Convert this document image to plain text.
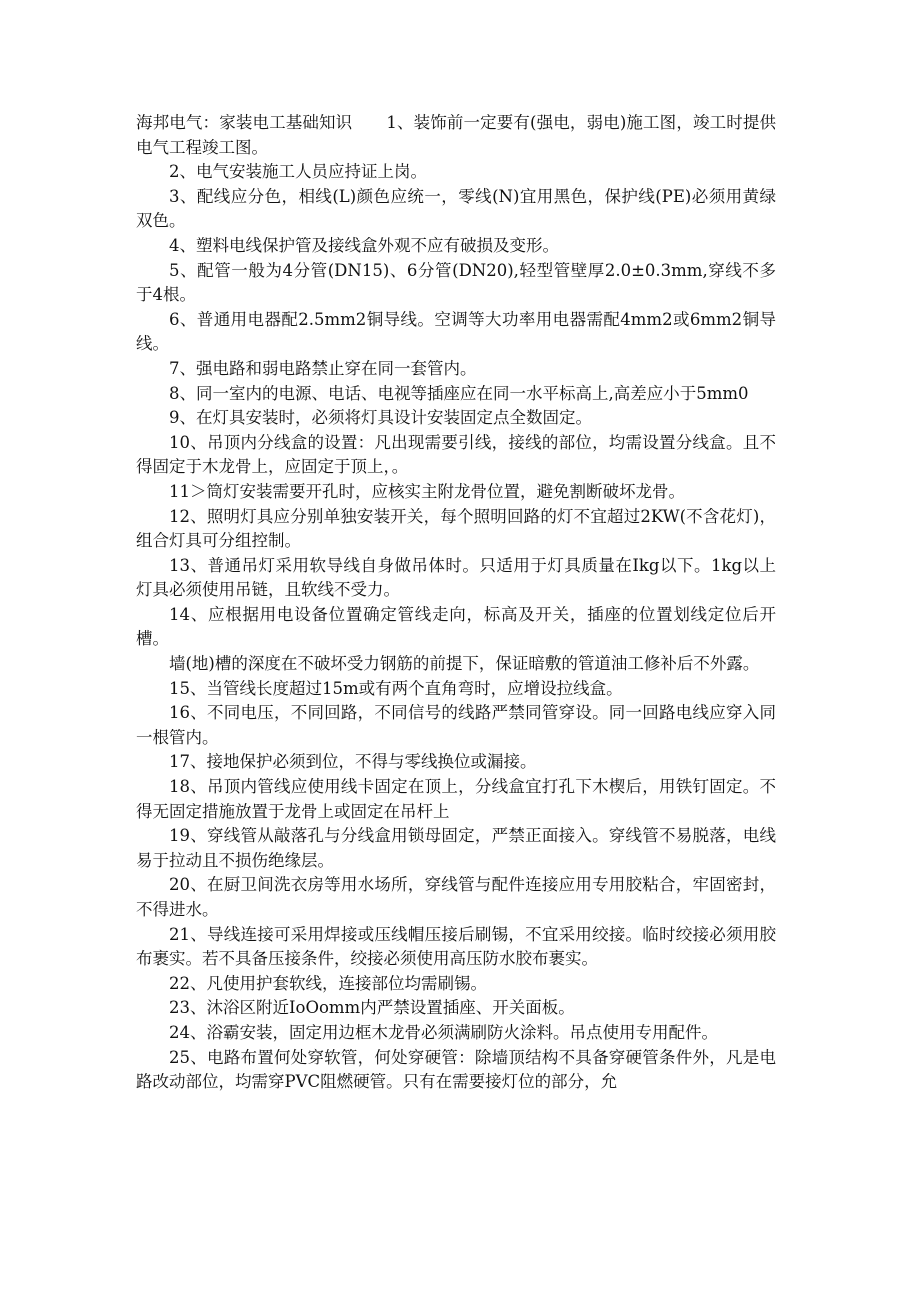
海邦电气：家装电工基础知识 1、装饰前一定要有(强电，弱电)施工图，竣工时提供电气工程竣工图。

2、电气安装施工人员应持证上岗。

3、配线应分色，相线(L)颜色应统一，零线(N)宜用黑色，保护线(PE)必须用黄绿双色。

4、塑料电线保护管及接线盒外观不应有破损及变形。

5、配管一般为4分管(DN15)、6分管(DN20),轻型管壁厚2.0±0.3mm,穿线不多于4根。

6、普通用电器配2.5mm2铜导线。空调等大功率用电器需配4mm2或6mm2铜导线。

7、强电路和弱电路禁止穿在同一套管内。

8、同一室内的电源、电话、电视等插座应在同一水平标高上,高差应小于5mm0

9、在灯具安装时，必须将灯具设计安装固定点全数固定。

10、吊顶内分线盒的设置：凡出现需要引线，接线的部位，均需设置分线盒。且不得固定于木龙骨上，应固定于顶上，。

11＞筒灯安装需要开孔时，应核实主附龙骨位置，避免割断破坏龙骨。

12、照明灯具应分别单独安装开关，每个照明回路的灯不宜超过2KW(不含花灯)，组合灯具可分组控制。

13、普通吊灯采用软导线自身做吊体时。只适用于灯具质量在Ikg以下。1kg以上灯具必须使用吊链，且软线不受力。

14、应根据用电设备位置确定管线走向，标高及开关，插座的位置划线定位后开槽。

墙(地)槽的深度在不破坏受力钢筋的前提下，保证暗敷的管道油工修补后不外露。

15、当管线长度超过15m或有两个直角弯时，应增设拉线盒。

16、不同电压，不同回路，不同信号的线路严禁同管穿设。同一回路电线应穿入同一根管内。

17、接地保护必须到位，不得与零线换位或漏接。

18、吊顶内管线应使用线卡固定在顶上，分线盒宜打孔下木楔后，用铁钉固定。不得无固定措施放置于龙骨上或固定在吊杆上

19、穿线管从敲落孔与分线盒用锁母固定，严禁正面接入。穿线管不易脱落，电线易于拉动且不损伤绝缘层。

20、在厨卫间洗衣房等用水场所，穿线管与配件连接应用专用胶粘合，牢固密封，不得进水。

21、导线连接可采用焊接或压线帽压接后刷锡，不宜采用绞接。临时绞接必须用胶布裹实。若不具备压接条件，绞接必须使用高压防水胶布裹实。

22、凡使用护套软线，连接部位均需刷锡。

23、沐浴区附近IoOomm内严禁设置插座、开关面板。

24、浴霸安装，固定用边框木龙骨必须满刷防火涂料。吊点使用专用配件。

25、电路布置何处穿软管，何处穿硬管：除墙顶结构不具备穿硬管条件外，凡是电路改动部位，均需穿PVC阻燃硬管。只有在需要接灯位的部分，允
